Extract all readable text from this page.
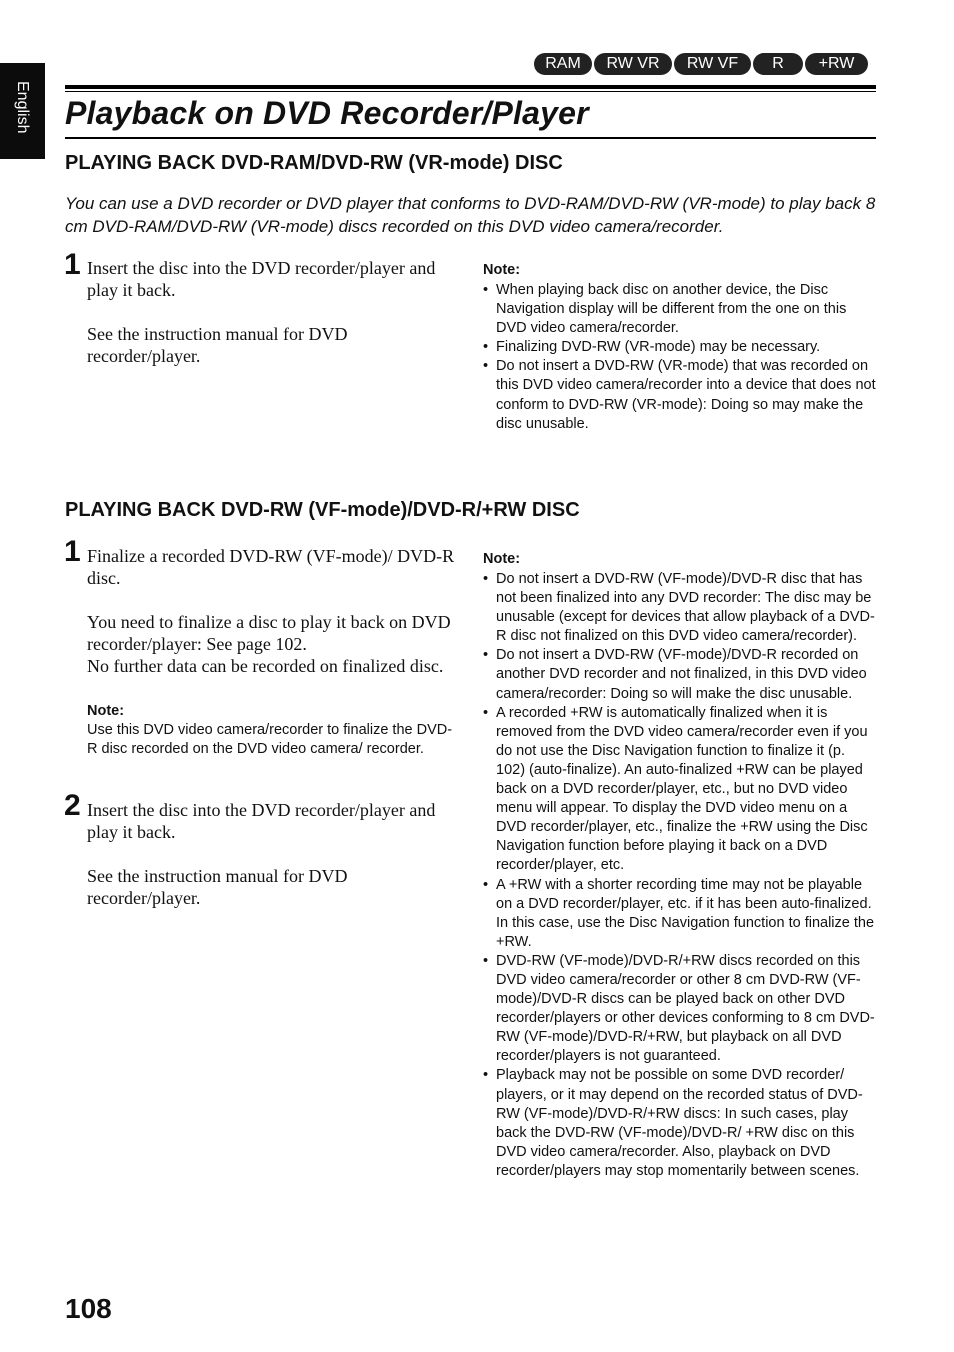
English
RAM	RW VR	RW VF	R	+RW
Playback on DVD Recorder/Player
PLAYING BACK DVD-RAM/DVD-RW (VR-mode) DISC

You can use a DVD recorder or DVD player that conforms to DVD-RAM/DVD-RW (VR-mode) to play back 8 cm DVD-RAM/DVD-RW (VR-mode) discs recorded on this DVD video camera/recorder.

1 Insert the disc into the DVD recorder/player and play it back.

See the instruction manual for DVD recorder/player.

Note:
• When playing back disc on another device, the Disc Navigation display will be different from the one on this DVD video camera/recorder.
• Finalizing DVD-RW (VR-mode) may be necessary.
• Do not insert a DVD-RW (VR-mode) that was recorded on this DVD video camera/recorder into a device that does not conform to DVD-RW (VR-mode): Doing so may make the disc unusable.
PLAYING BACK DVD-RW (VF-mode)/DVD-R/+RW DISC
1 Finalize a recorded DVD-RW (VF-mode)/ DVD-R disc.

You need to finalize a disc to play it back on DVD recorder/player: See page 102.

No further data can be recorded on finalized disc.

Note:
Use this DVD video camera/recorder to finalize the DVD-R disc recorded on the DVD video camera/ recorder.
2 Insert the disc into the DVD recorder/player and play it back.

See the instruction manual for DVD recorder/player.

Note:
• Do not insert a DVD-RW (VF-mode)/DVD-R disc that has not been finalized into any DVD recorder: The disc may be unusable (except for devices that allow playback of a DVD-R disc not finalized on this DVD video camera/recorder).
• Do not insert a DVD-RW (VF-mode)/DVD-R recorded on another DVD recorder and not finalized, in this DVD video camera/recorder: Doing so will make the disc unusable.
• A recorded +RW is automatically finalized when it is removed from the DVD video camera/recorder even if you do not use the Disc Navigation function to finalize it (p. 102) (auto-finalize). An auto-finalized +RW can be played back on a DVD recorder/player, etc., but no DVD video menu will appear. To display the DVD video menu on a DVD recorder/player, etc., finalize the +RW using the Disc Navigation function before playing it back on a DVD recorder/player, etc.
• A +RW with a shorter recording time may not be playable on a DVD recorder/player, etc. if it has been auto-finalized. In this case, use the Disc Navigation function to finalize the +RW.
• DVD-RW (VF-mode)/DVD-R/+RW discs recorded on this DVD video camera/recorder or other 8 cm DVD-RW (VF-mode)/DVD-R discs can be played back on other DVD recorder/players or other devices conforming to 8 cm DVD-RW (VF-mode)/DVD-R/+RW, but playback on all DVD recorder/players is not guaranteed.
• Playback may not be possible on some DVD recorder/ players, or it may depend on the recorded status of DVD-RW (VF-mode)/DVD-R/+RW discs: In such cases, play back the DVD-RW (VF-mode)/DVD-R/ +RW disc on this DVD video camera/recorder. Also, playback on DVD recorder/players may stop momentarily between scenes.

108
